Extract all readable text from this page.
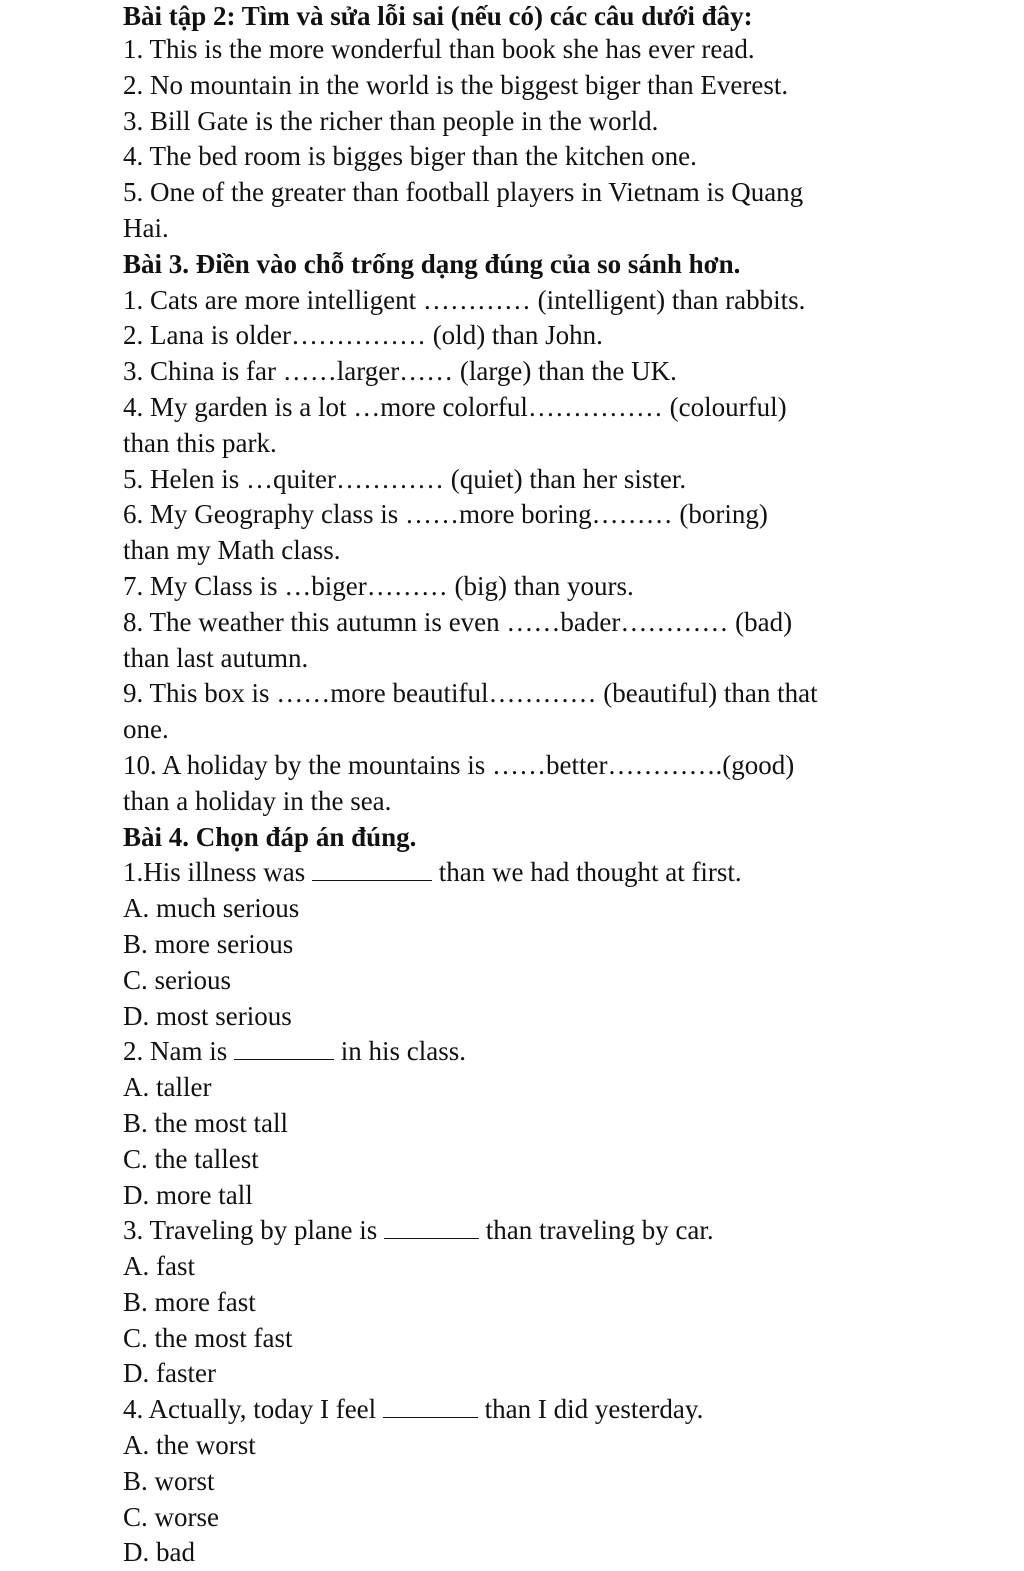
Bài tập 2: Tìm và sửa lỗi sai (nếu có) các câu dưới đây:
1. This is the more wonderful than book she has ever read.
2. No mountain in the world is the biggest biger than Everest.
3. Bill Gate is the richer than people in the world.
4. The bed room is bigges biger than the kitchen one.
5. One of the greater than football players in Vietnam is Quang
Hai.
Bài 3. Điền vào chỗ trống dạng đúng của so sánh hơn.
1. Cats are more intelligent ………… (intelligent) than rabbits.
2. Lana is older…………… (old) than John.
3. China is far ……larger…… (large) than the UK.
4. My garden is a lot …more colorful…………… (colourful)
than this park.
5. Helen is …quiter………… (quiet) than her sister.
6. My Geography class is ……more boring……… (boring)
than my Math class.
7. My Class is …biger……… (big) than yours.
8. The weather this autumn is even ……bader………… (bad)
than last autumn.
9. This box is ……more beautiful………… (beautiful) than that
one.
10. A holiday by the mountains is ……better………….(good)
than a holiday in the sea.
Bài 4. Chọn đáp án đúng.
1.His illness was	than we had thought at first.
A. much serious
B. more serious
C. serious
D. most serious
2. Nam is	in his class.
A. taller
B. the most tall
C. the tallest
D. more tall
3. Traveling by plane is	than traveling by car.
A. fast
B. more fast
C. the most fast
D. faster
4. Actually, today I feel	than I did yesterday.
A. the worst
B. worst
C. worse
D. bad
